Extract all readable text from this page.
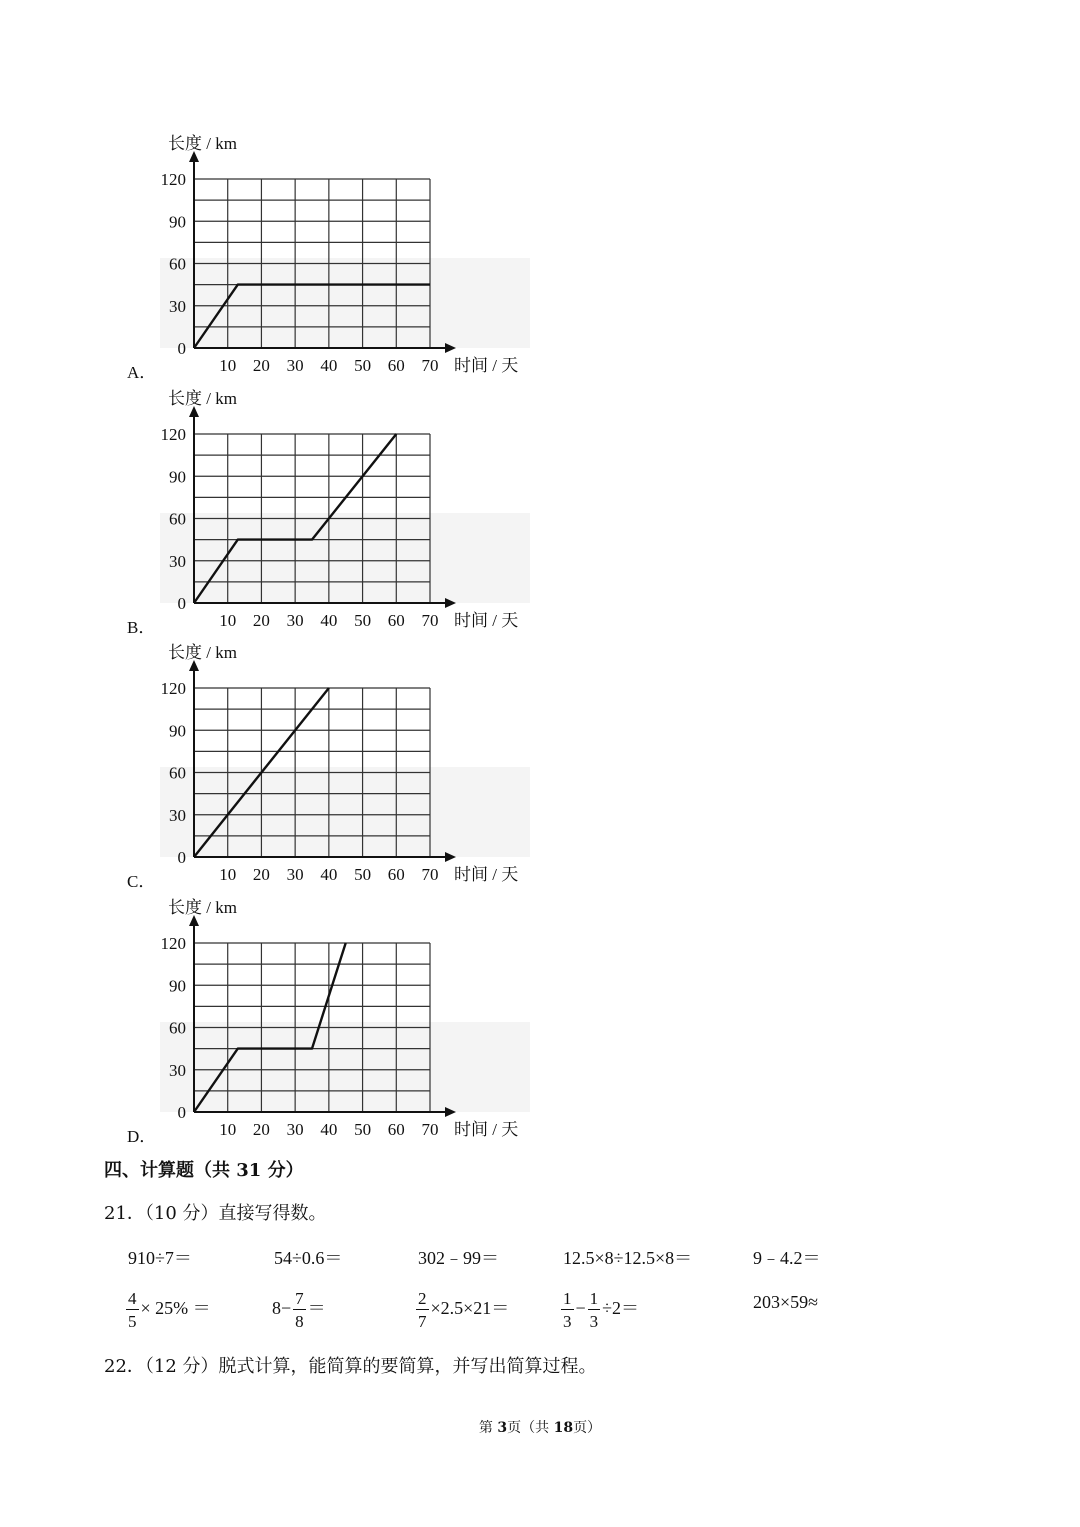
0
30
60
90
120
10 20 30 40 50 60 70
长度 / km
时间 / 天
A．
0
30
60
90
120
10 20 30 40 50 60 70
长度 / km
时间 / 天
B．
0
30
60
90
120
10 20 30 40 50 60 70
长度 / km
时间 / 天
C．
0
30
60
90
120
10 20 30 40 50 60 70
长度 / km
时间 / 天
D．
四、计算题（共 31 分）
21．（10 分）直接写得数。
910÷7＝	54÷0.6＝	302﹣99＝	12.5×8÷12.5×8＝	9﹣4.2＝
$\frac{4}{5} \times 25\%$ ＝	$8- \frac{7}{8}$ ＝	$\frac{2}{7} \times 2.5\times 21=$	$\frac{1}{3} - \frac{1}{3} \div 2=$	203×59≈
22．（12 分）脱式计算，能简算的要简算，并写出简算过程。
第 3页（共 18页）
